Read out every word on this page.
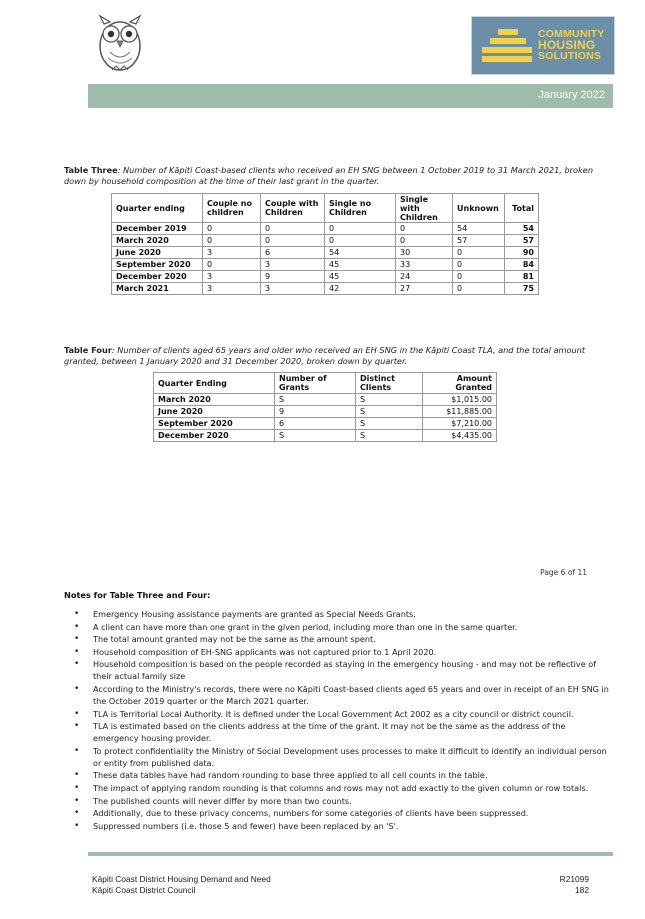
COMMUNITY
HOUSING
SOLUTIONS
January 2022
Table Three: Number of Kāpiti Coast-based clients who received an EH SNG between 1 October 2019 to 31 March 2021, broken down by household composition at the time of their last grant in the quarter.
Quarter ending	Couple no children	Couple with Children	Single no Children	Single with Children	Unknown	Total
December 2019	0	0	0	0	54	54
March 2020	0	0	0	0	57	57
June 2020	3	6	54	30	0	90
September 2020	0	3	45	33	0	84
December 2020	3	9	45	24	0	81
March 2021	3	3	42	27	0	75
Table Four: Number of clients aged 65 years and older who received an EH SNG in the Kāpiti Coast TLA, and the total amount granted, between 1 January 2020 and 31 December 2020, broken down by quarter.
Quarter Ending	Number of Grants	Distinct Clients	Amount Granted
March 2020	S	S	$1,015.00
June 2020	9	S	$11,885.00
September 2020	6	S	$7,210.00
December 2020	S	S	$4,435.00
Page 6 of 11
Notes for Table Three and Four:
• Emergency Housing assistance payments are granted as Special Needs Grants.
• A client can have more than one grant in the given period, including more than one in the same quarter.
• The total amount granted may not be the same as the amount spent.
• Household composition of EH-SNG applicants was not captured prior to 1 April 2020.
• Household composition is based on the people recorded as staying in the emergency housing - and may not be reflective of their actual family size
• According to the Ministry's records, there were no Kāpiti Coast-based clients aged 65 years and over in receipt of an EH SNG in the October 2019 quarter or the March 2021 quarter.
• TLA is Territorial Local Authority. It is defined under the Local Government Act 2002 as a city council or district council.
• TLA is estimated based on the clients address at the time of the grant. It may not be the same as the address of the emergency housing provider.
• To protect confidentiality the Ministry of Social Development uses processes to make it difficult to identify an individual person or entity from published data.
• These data tables have had random rounding to base three applied to all cell counts in the table.
• The impact of applying random rounding is that columns and rows may not add exactly to the given column or row totals.
• The published counts will never differ by more than two counts.
• Additionally, due to these privacy concerns, numbers for some categories of clients have been suppressed.
• Suppressed numbers (i.e. those 5 and fewer) have been replaced by an 'S'.
Kāpiti Coast District Housing Demand and Need
Kāpiti Coast District Council
R21099
182
